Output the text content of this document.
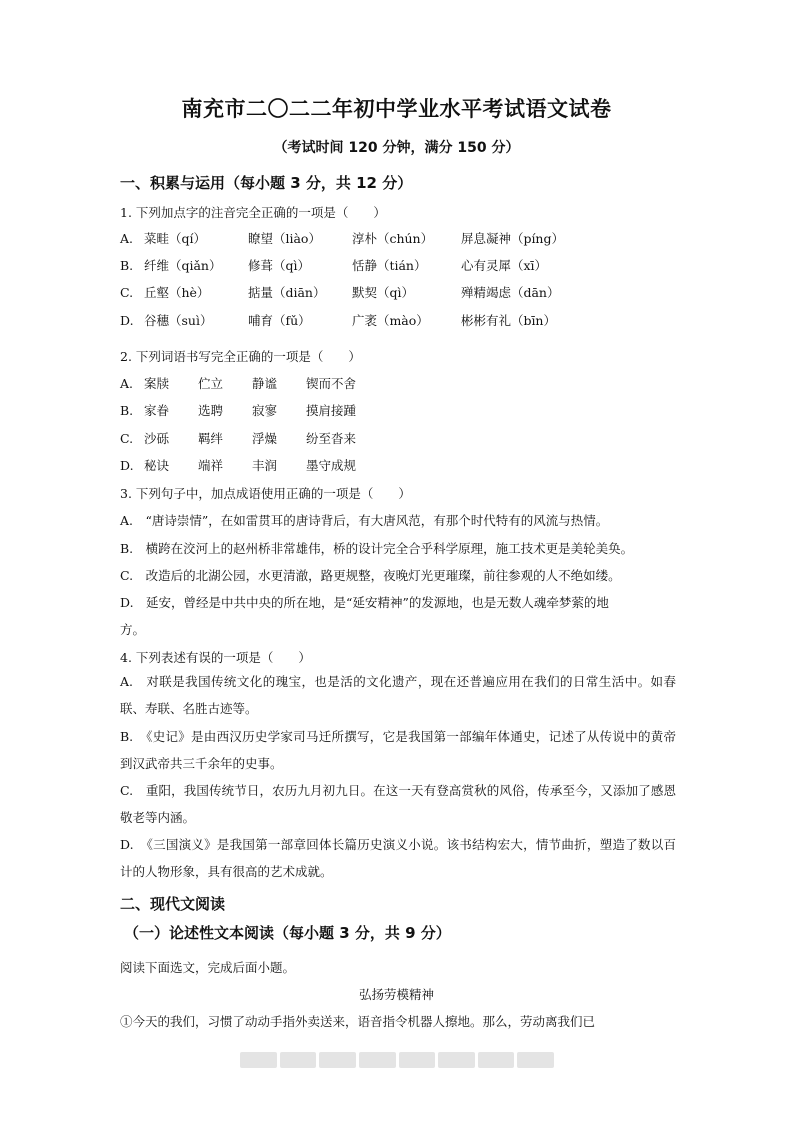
南充市二〇二二年初中学业水平考试语文试卷
（考试时间 120 分钟，满分 150 分）
一、积累与运用（每小题 3 分，共 12 分）
1. 下列加点字的注音完全正确的一项是（　　）
A. 菜畦（qí）	瞭望（liào） 淳朴（chún） 屏息凝神（píng）
B. 纤维（qiǎn） 修葺（qì）	恬静（tián）	心有灵犀（xī）
C. 丘壑（hè）	掂量（diān） 默契（qì）	殚精竭虑（dān）
D. 谷穗（suì）	哺育（fǔ）	广袤（mào）	彬彬有礼（bīn）
2. 下列词语书写完全正确的一项是（　　）
A. 案牍 伫立 静谧 锲而不舍
B. 家眷 选聘 寂寥 摸肩接踵
C. 沙砾 羁绊 浮燥 纷至沓来
D. 秘诀 端祥 丰润 墨守成规
3. 下列句子中，加点成语使用正确的一项是（　　）
A.　“唐诗崇情”，在如雷贯耳的唐诗背后，有大唐风范，有那个时代特有的风流与热情。
B.　横跨在洨河上的赵州桥非常雄伟，桥的设计完全合乎科学原理，施工技术更是美轮美奂。
C.　改造后的北湖公园，水更清澈，路更规整，夜晚灯光更璀璨，前往参观的人不绝如缕。
D.　延安，曾经是中共中央的所在地，是“延安精神”的发源地，也是无数人魂牵梦萦的地
方。
4. 下列表述有误的一项是（　　）
A.　对联是我国传统文化的瑰宝，也是活的文化遗产，现在还普遍应用在我们的日常生活中。如春联、寿联、名胜古迹等。
B.　《史记》是由西汉历史学家司马迁所撰写，它是我国第一部编年体通史，记述了从传说中的黄帝到汉武帝共三千余年的史事。
C.　重阳，我国传统节日，农历九月初九日。在这一天有登高赏秋的风俗，传承至今，又添加了感恩敬老等内涵。
D.　《三国演义》是我国第一部章回体长篇历史演义小说。该书结构宏大，情节曲折，塑造了数以百计的人物形象，具有很高的艺术成就。
二、现代文阅读
（一）论述性文本阅读（每小题 3 分，共 9 分）
阅读下面选文，完成后面小题。
弘扬劳模精神
①今天的我们，习惯了动动手指外卖送来，语音指令机器人擦地。那么，劳动离我们已
